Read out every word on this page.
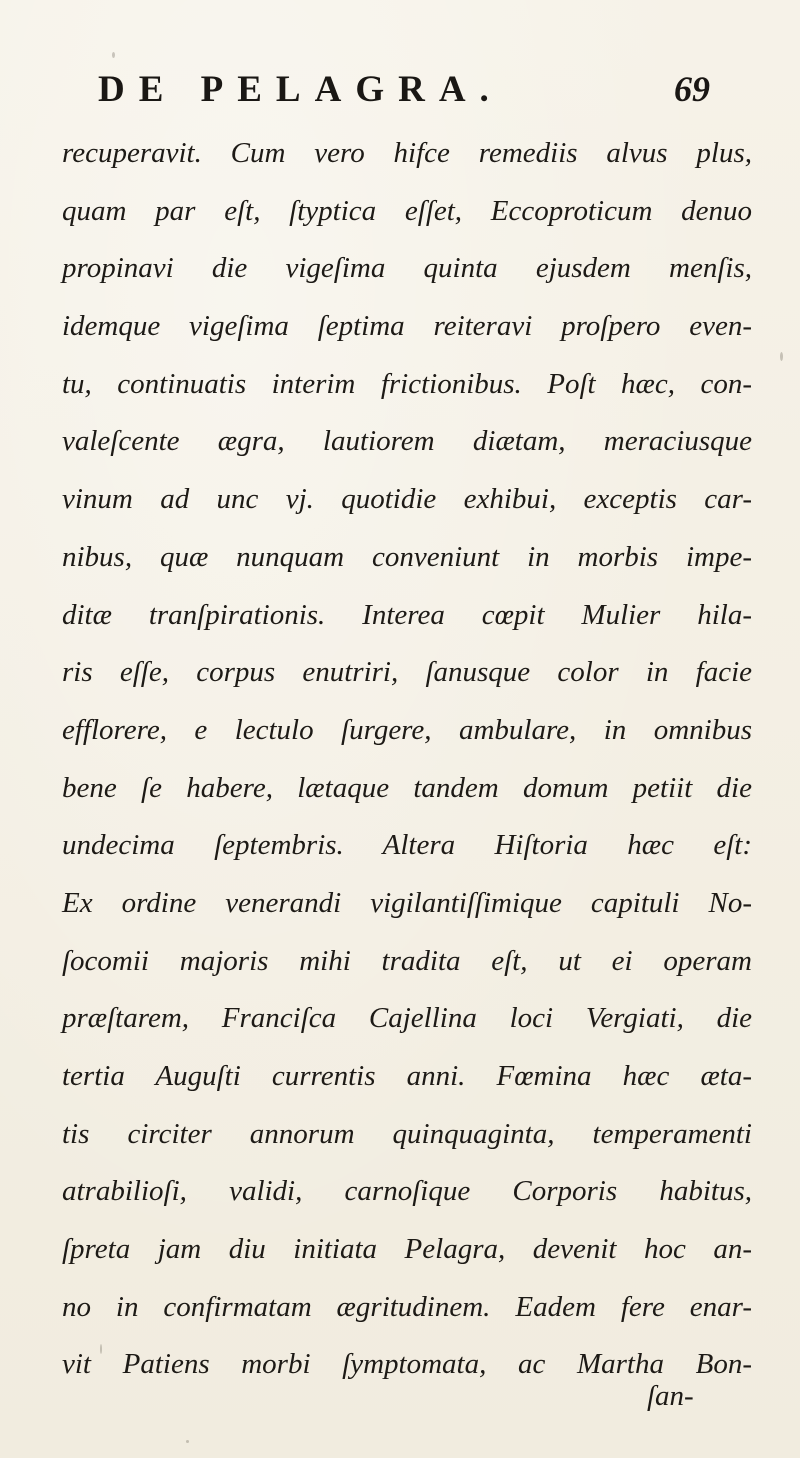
DE PELAGRA.	69
recuperavit. Cum vero hifce remediis alvus plus,
quam par eſt, ſtyptica eſſet, Eccoproticum denuo
propinavi die vigeſima quinta ejusdem menſis,
idemque vigeſima ſeptima reiteravi proſpero even-
tu, continuatis interim frictionibus. Poſt hæc, con-
valeſcente ægra, lautiorem diætam, meraciusque
vinum ad unc vj. quotidie exhibui, exceptis car-
nibus, quæ nunquam conveniunt in morbis impe-
ditæ tranſpirationis. Interea cœpit Mulier hila-
ris eſſe, corpus enutriri, ſanusque color in facie
efflorere, e lectulo ſurgere, ambulare, in omnibus
bene ſe habere, lætaque tandem domum petiit die
undecima ſeptembris. Altera Hiſtoria hæc eſt:
Ex ordine venerandi vigilantiſſimique capituli No-
ſocomii majoris mihi tradita eſt, ut ei operam
præſtarem, Franciſca Cajellina loci Vergiati, die
tertia Auguſti currentis anni. Fœmina hæc æta-
tis circiter annorum quinquaginta, temperamenti
atrabilioſi, validi, carnoſique Corporis habitus,
ſpreta jam diu initiata Pelagra, devenit hoc an-
no in confirmatam ægritudinem. Eadem fere enar-
vit Patiens morbi ſymptomata, ac Martha Bon-
ſan-
